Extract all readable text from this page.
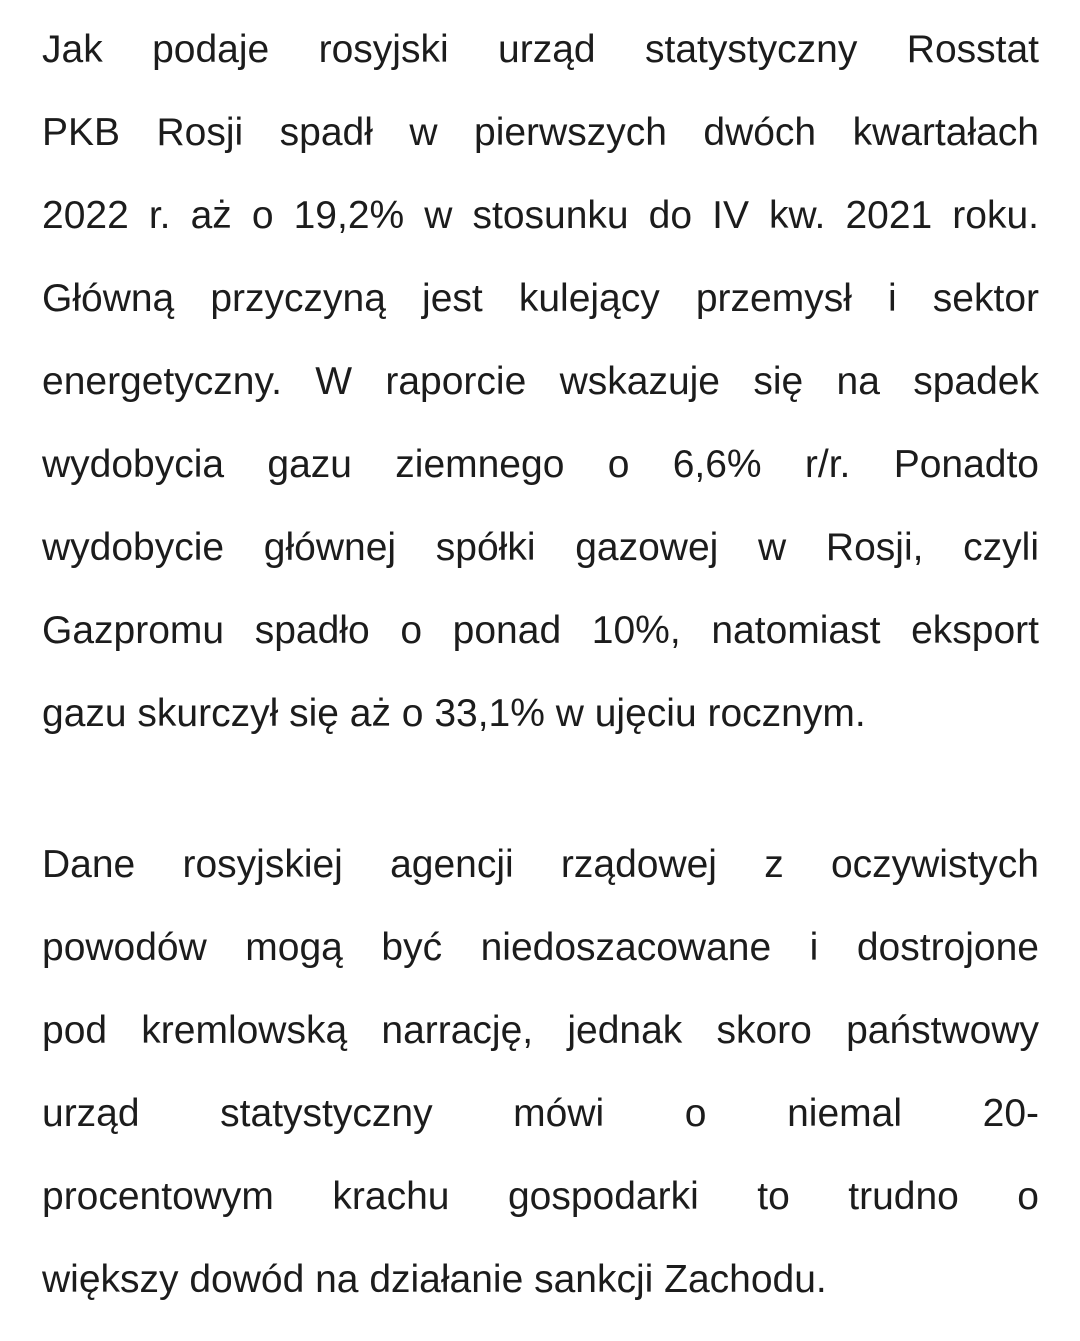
Jak podaje rosyjski urząd statystyczny Rosstat
PKB Rosji spadł w pierwszych dwóch kwartałach
2022 r. aż o 19,2% w stosunku do IV kw. 2021 roku.
Główną przyczyną jest kulejący przemysł i sektor
energetyczny. W raporcie wskazuje się na spadek
wydobycia gazu ziemnego o 6,6% r/r. Ponadto
wydobycie głównej spółki gazowej w Rosji, czyli
Gazpromu spadło o ponad 10%, natomiast eksport
gazu skurczył się aż o 33,1% w ujęciu rocznym.
Dane rosyjskiej agencji rządowej z oczywistych
powodów mogą być niedoszacowane i dostrojone
pod kremlowską narrację, jednak skoro państwowy
urząd statystyczny mówi o niemal 20-
procentowym krachu gospodarki to trudno o
większy dowód na działanie sankcji Zachodu.
